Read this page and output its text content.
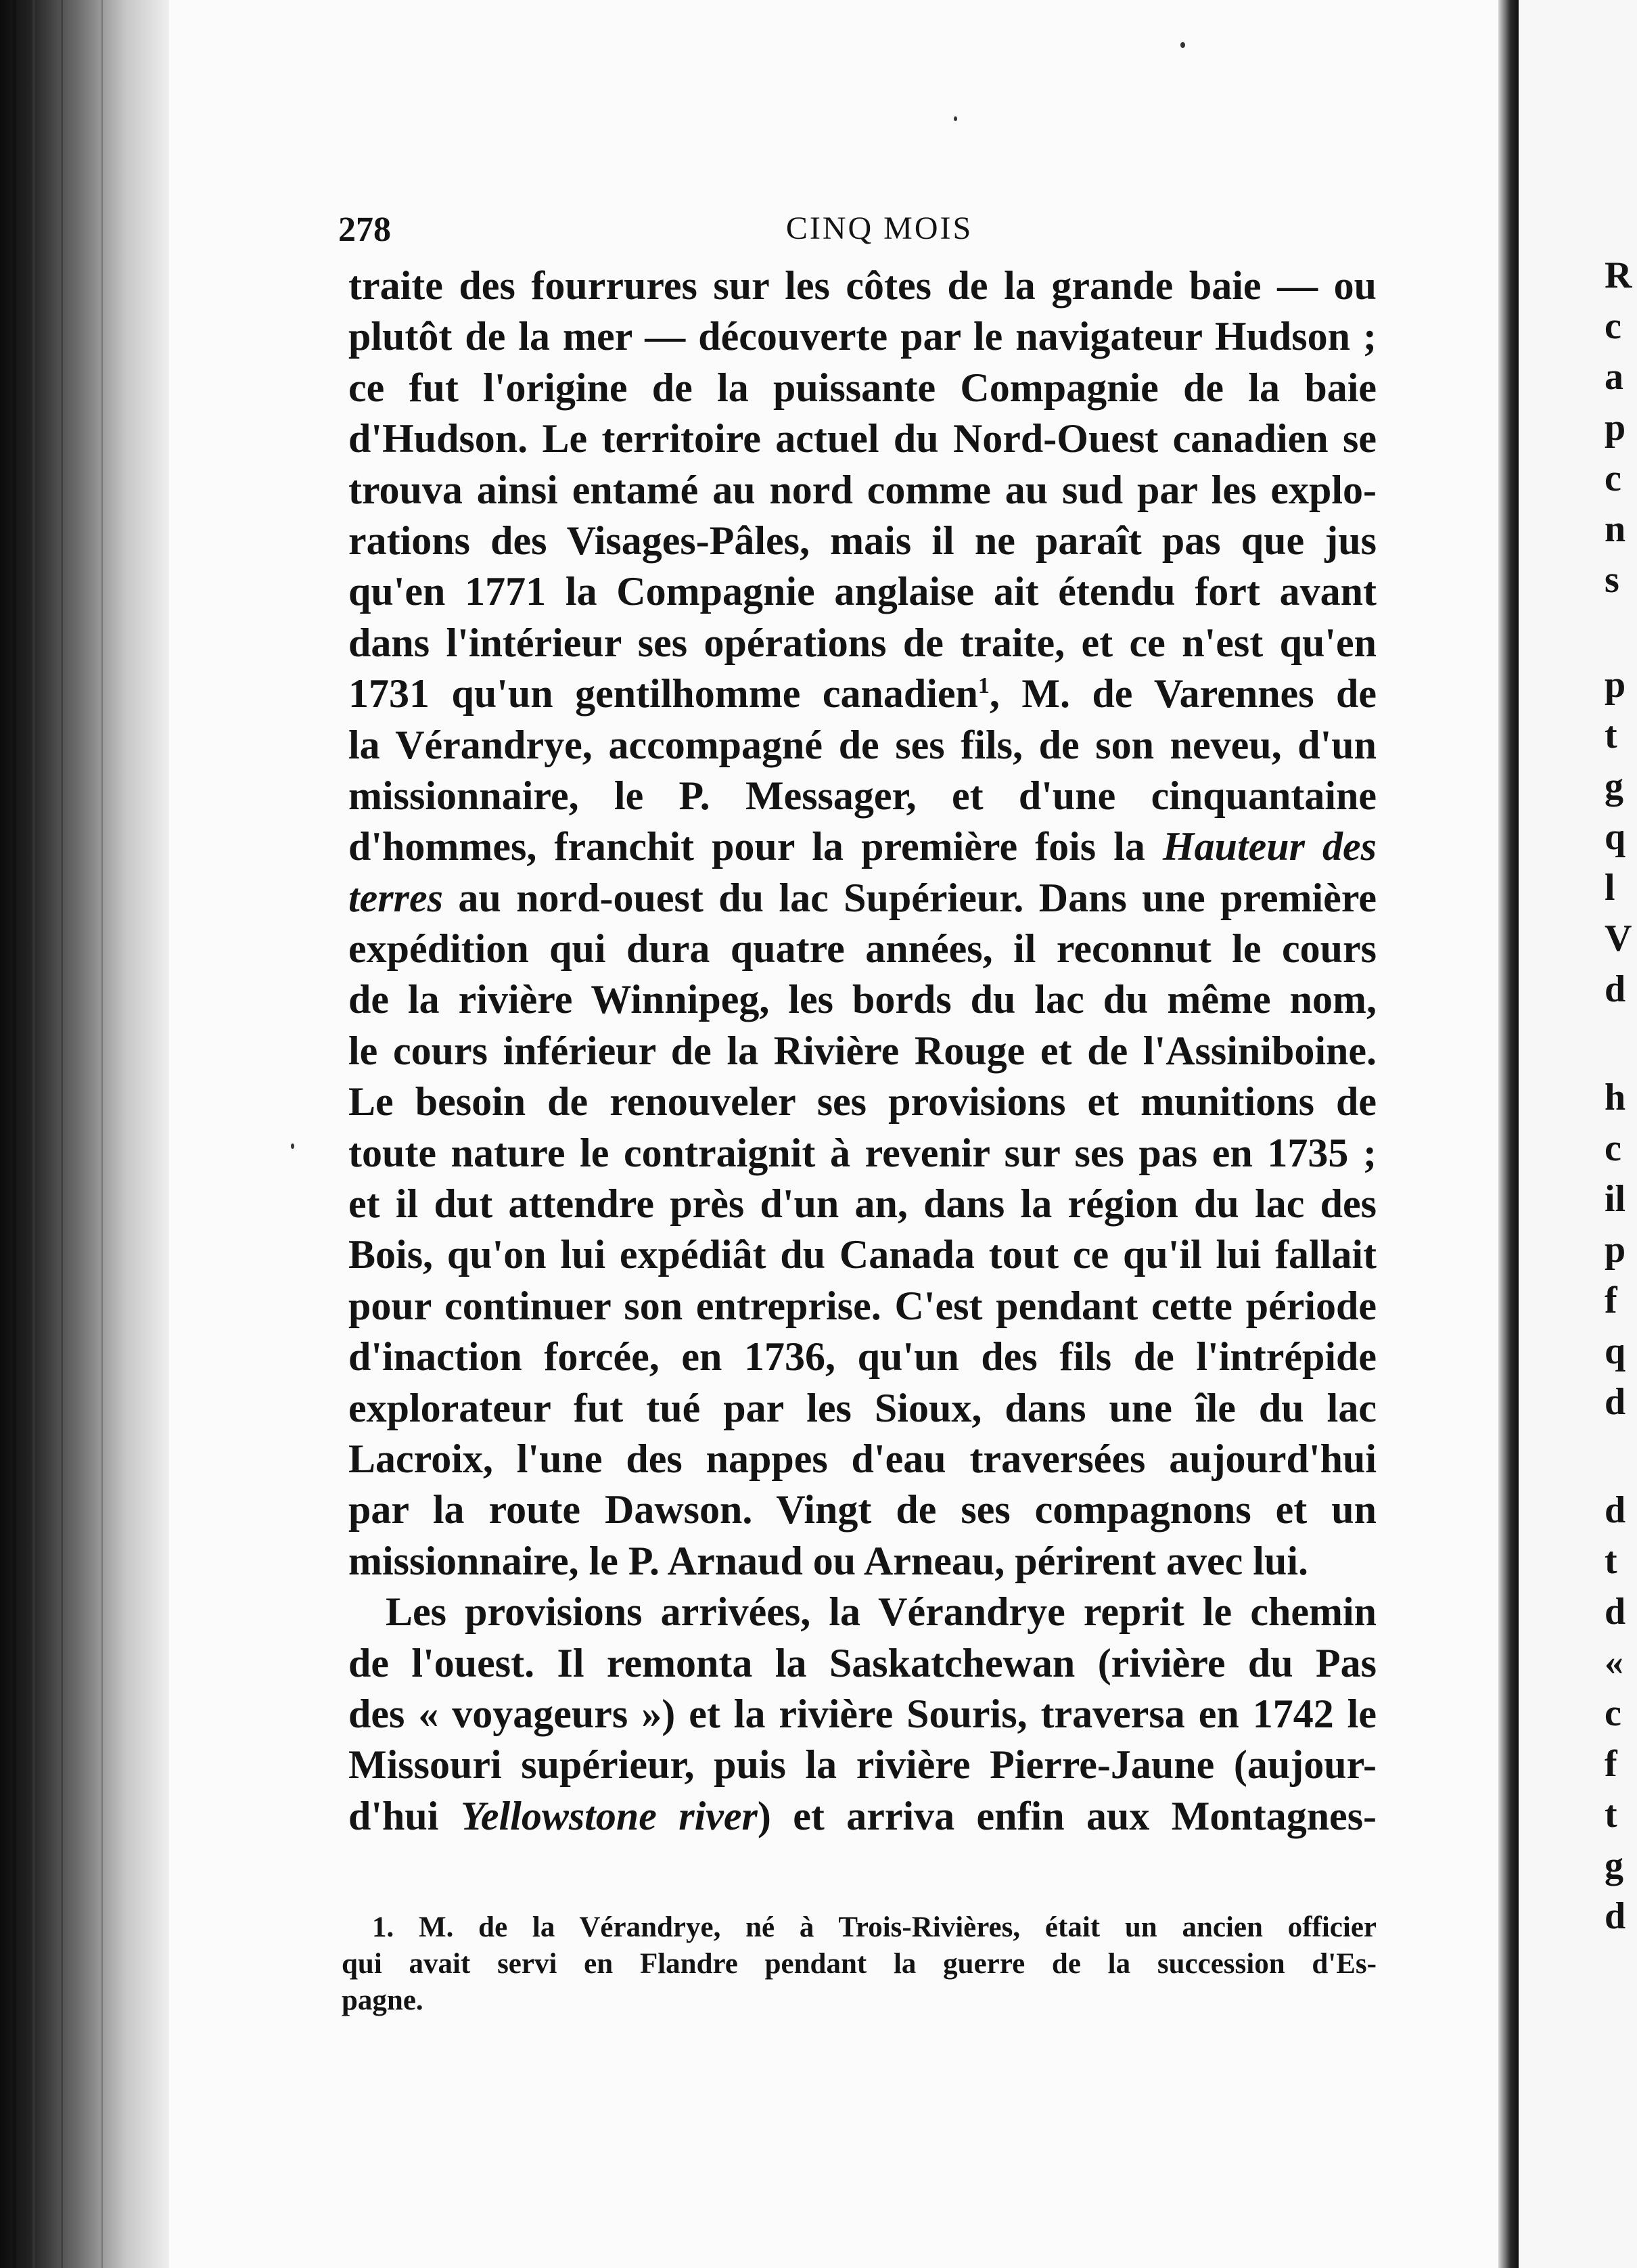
278	CINQ MOIS
traite des fourrures sur les côtes de la grande baie — ou
plutôt de la mer — découverte par le navigateur Hudson ;
ce fut l'origine de la puissante Compagnie de la baie
d'Hudson. Le territoire actuel du Nord-Ouest canadien se
trouva ainsi entamé au nord comme au sud par les explo-
rations des Visages-Pâles, mais il ne paraît pas que jus
qu'en 1771 la Compagnie anglaise ait étendu fort avant
dans l'intérieur ses opérations de traite, et ce n'est qu'en
1731 qu'un gentilhomme canadien$^1$, M. de Varennes de
la Vérandrye, accompagné de ses fils, de son neveu, d'un
missionnaire, le P. Messager, et d'une cinquantaine
d'hommes, franchit pour la première fois la Hauteur des
terres au nord-ouest du lac Supérieur. Dans une première
expédition qui dura quatre années, il reconnut le cours
de la rivière Winnipeg, les bords du lac du même nom,
le cours inférieur de la Rivière Rouge et de l'Assiniboine.
Le besoin de renouveler ses provisions et munitions de
toute nature le contraignit à revenir sur ses pas en 1735 ;
et il dut attendre près d'un an, dans la région du lac des
Bois, qu'on lui expédiât du Canada tout ce qu'il lui fallait
pour continuer son entreprise. C'est pendant cette période
d'inaction forcée, en 1736, qu'un des fils de l'intrépide
explorateur fut tué par les Sioux, dans une île du lac
Lacroix, l'une des nappes d'eau traversées aujourd'hui
par la route Dawson. Vingt de ses compagnons et un
missionnaire, le P. Arnaud ou Arneau, périrent avec lui.
Les provisions arrivées, la Vérandrye reprit le chemin
de l'ouest. Il remonta la Saskatchewan (rivière du Pas
des « voyageurs ») et la rivière Souris, traversa en 1742 le
Missouri supérieur, puis la rivière Pierre-Jaune (aujour-
d'hui Yellowstone river) et arriva enfin aux Montagnes-
1. M. de la Vérandrye, né à Trois-Rivières, était un ancien officier
qui avait servi en Flandre pendant la guerre de la succession d'Es-
pagne.
R
c
a
p
c
n
s
p
t
g
q
l
V
d
h
c
il
p
f
q
d
d
t
d
«
c
f
t
g
d
